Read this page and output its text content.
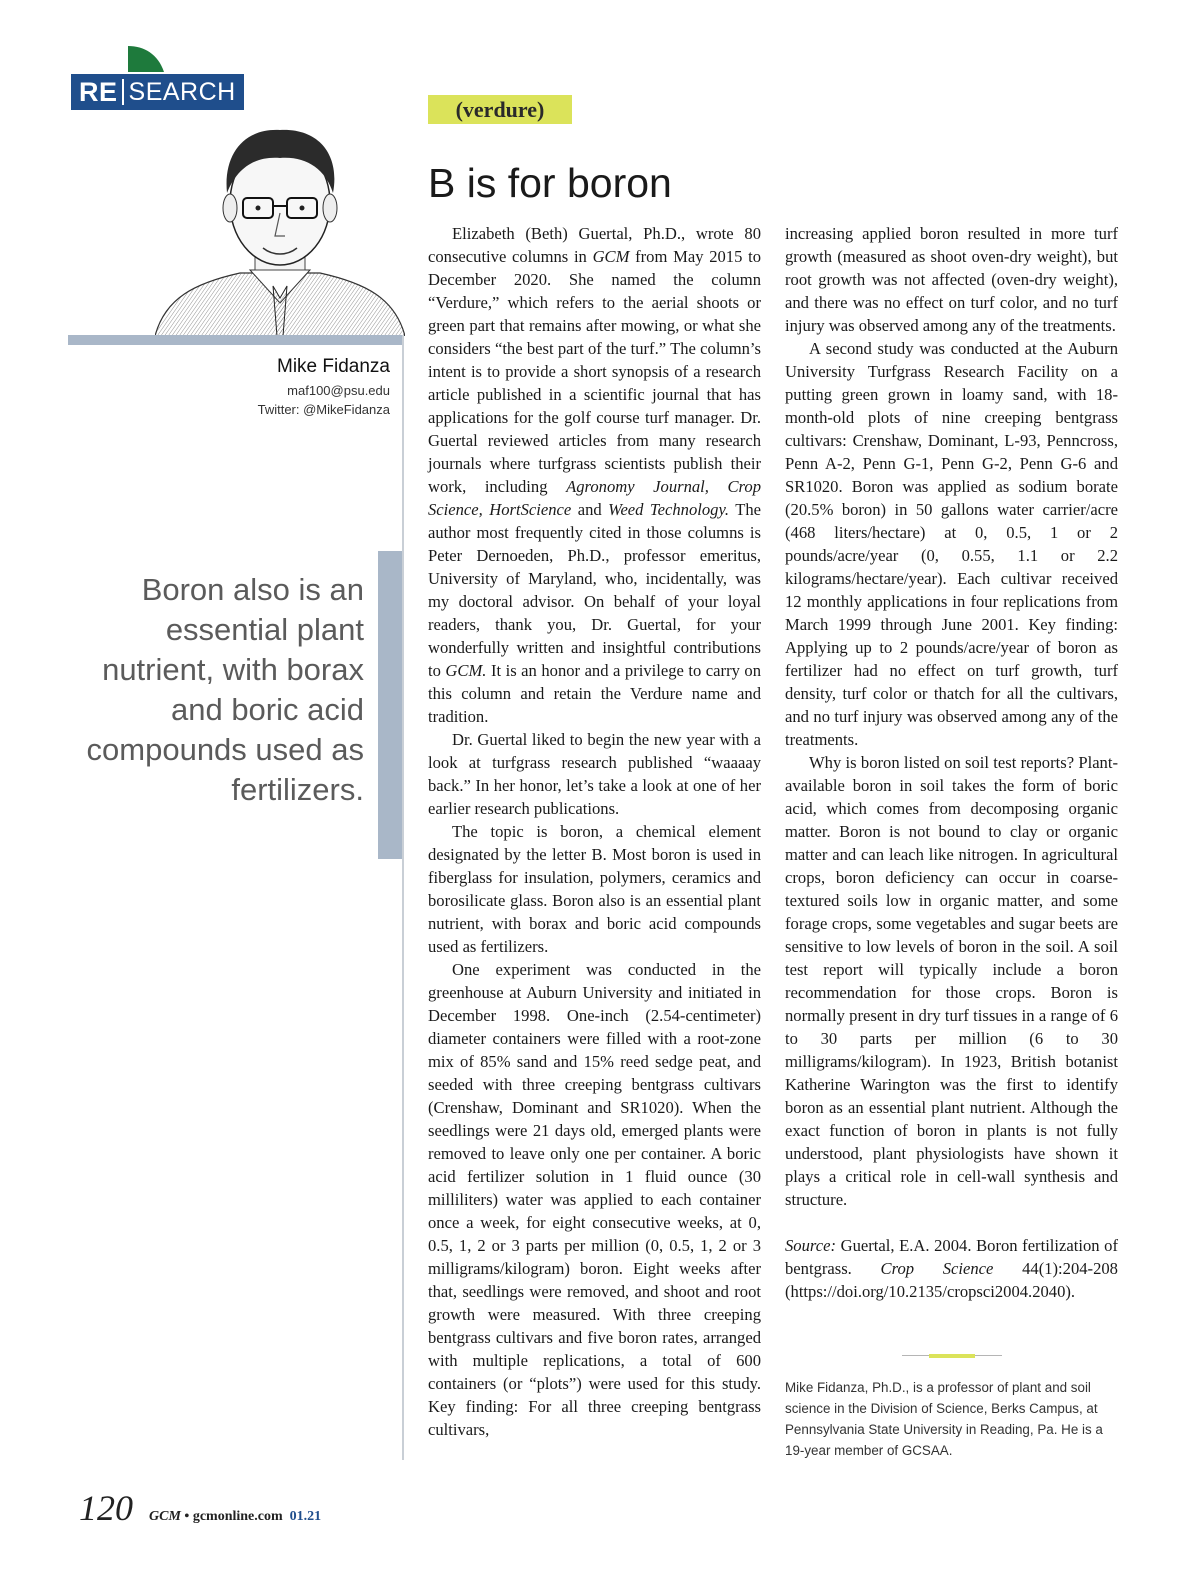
RE SEARCH
Mike Fidanza
maf100@psu.edu
Twitter: @MikeFidanza
Boron also is an essential plant nutrient, with borax and boric acid compounds used as fertilizers.
(verdure)
B is for boron

Elizabeth (Beth) Guertal, Ph.D., wrote 80 consecutive columns in GCM from May 2015 to December 2020. She named the column “Verdure,” which refers to the aerial shoots or green part that remains after mowing, or what she considers “the best part of the turf.” The column’s intent is to provide a short synopsis of a research article published in a scientific journal that has applications for the golf course turf manager. Dr. Guertal reviewed articles from many research journals where turfgrass scientists publish their work, including Agronomy Journal, Crop Science, HortScience and Weed Technology. The author most frequently cited in those columns is Peter Dernoeden, Ph.D., professor emeritus, University of Maryland, who, incidentally, was my doctoral advisor. On behalf of your loyal readers, thank you, Dr. Guertal, for your wonderfully written and insightful contributions to GCM. It is an honor and a privilege to carry on this column and retain the Verdure name and tradition.

Dr. Guertal liked to begin the new year with a look at turfgrass research published “waaaay back.” In her honor, let’s take a look at one of her earlier research publications.

The topic is boron, a chemical element designated by the letter B. Most boron is used in fiberglass for insulation, polymers, ceramics and borosilicate glass. Boron also is an essential plant nutrient, with borax and boric acid compounds used as fertilizers.

One experiment was conducted in the greenhouse at Auburn University and initiated in December 1998. One-inch (2.54-centimeter) diameter containers were filled with a root-zone mix of 85% sand and 15% reed sedge peat, and seeded with three creeping bentgrass cultivars (Crenshaw, Dominant and SR1020). When the seedlings were 21 days old, emerged plants were removed to leave only one per container. A boric acid fertilizer solution in 1 fluid ounce (30 milliliters) water was applied to each container once a week, for eight consecutive weeks, at 0, 0.5, 1, 2 or 3 parts per million (0, 0.5, 1, 2 or 3 milligrams/kilogram) boron. Eight weeks after that, seedlings were removed, and shoot and root growth were measured. With three creeping bentgrass cultivars and five boron rates, arranged with multiple replications, a total of 600 containers (or “plots”) were used for this study. Key finding: For all three creeping bentgrass cultivars,

increasing applied boron resulted in more turf growth (measured as shoot oven-dry weight), but root growth was not affected (oven-dry weight), and there was no effect on turf color, and no turf injury was observed among any of the treatments.

A second study was conducted at the Auburn University Turfgrass Research Facility on a putting green grown in loamy sand, with 18-month-old plots of nine creeping bentgrass cultivars: Crenshaw, Dominant, L-93, Penncross, Penn A-2, Penn G-1, Penn G-2, Penn G-6 and SR1020. Boron was applied as sodium borate (20.5% boron) in 50 gallons water carrier/acre (468 liters/hectare) at 0, 0.5, 1 or 2 pounds/acre/year (0, 0.55, 1.1 or 2.2 kilograms/hectare/year). Each cultivar received 12 monthly applications in four replications from March 1999 through June 2001. Key finding: Applying up to 2 pounds/acre/year of boron as fertilizer had no effect on turf growth, turf density, turf color or thatch for all the cultivars, and no turf injury was observed among any of the treatments.

Why is boron listed on soil test reports? Plant-available boron in soil takes the form of boric acid, which comes from decomposing organic matter. Boron is not bound to clay or organic matter and can leach like nitrogen. In agricultural crops, boron deficiency can occur in coarse-textured soils low in organic matter, and some forage crops, some vegetables and sugar beets are sensitive to low levels of boron in the soil. A soil test report will typically include a boron recommendation for those crops. Boron is normally present in dry turf tissues in a range of 6 to 30 parts per million (6 to 30 milligrams/kilogram). In 1923, British botanist Katherine Warington was the first to identify boron as an essential plant nutrient. Although the exact function of boron in plants is not fully understood, plant physiologists have shown it plays a critical role in cell-wall synthesis and structure.

Source: Guertal, E.A. 2004. Boron fertilization of bentgrass. Crop Science 44(1):204-208 (https://doi.org/10.2135/cropsci2004.2040).

Mike Fidanza, Ph.D., is a professor of plant and soil science in the Division of Science, Berks Campus, at Pennsylvania State University in Reading, Pa. He is a 19-year member of GCSAA.
120 GCM • gcmonline.com 01.21
